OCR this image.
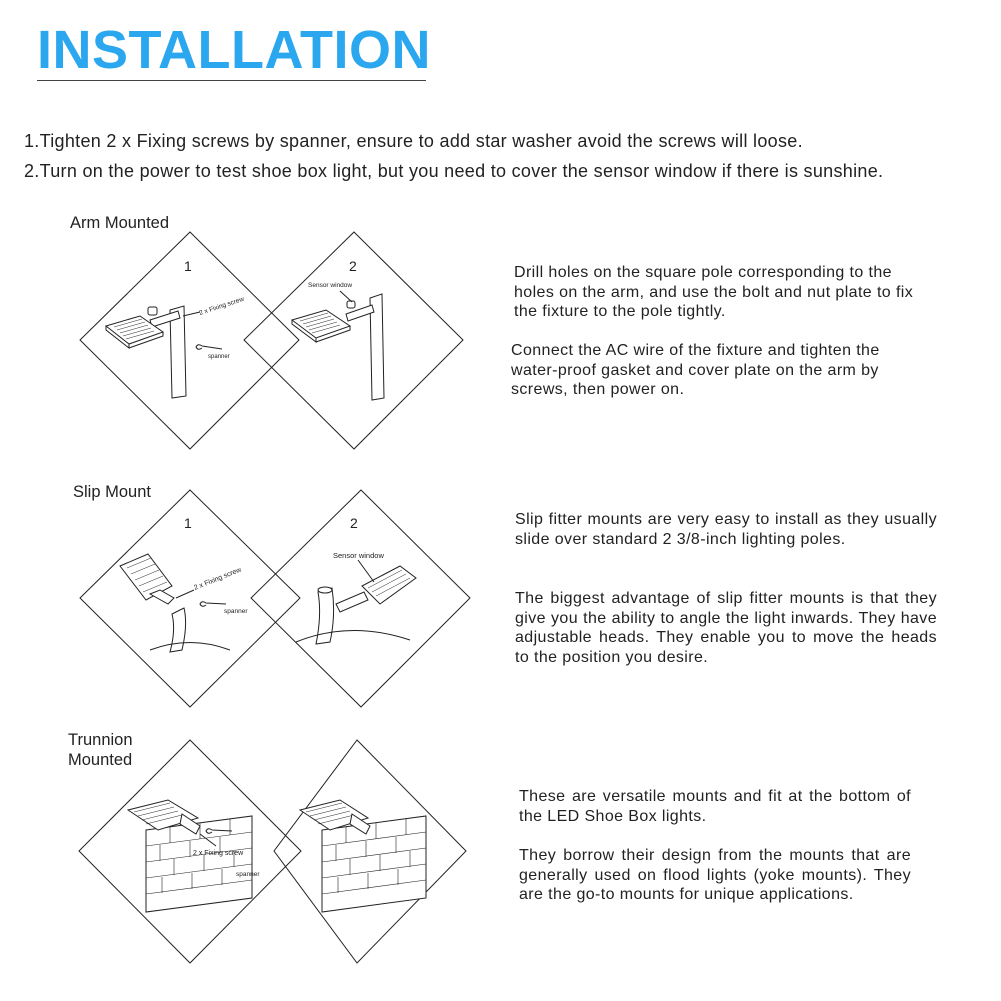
INSTALLATION
1.Tighten 2 x Fixing screws by spanner, ensure to add star washer avoid the screws will loose.
2.Turn on the power to test shoe box light, but you need to cover the sensor window if there is sunshine.
Arm Mounted
Slip Mount
Trunnion
Mounted
Drill holes on the square pole corresponding to the holes on the arm, and use the bolt and nut plate to fix the fixture to the pole tightly.
Connect the AC wire of the fixture and tighten the water-proof gasket and cover plate on the arm by screws, then power on.
Slip fitter mounts are very easy to install as they usually slide over standard 2 3/8-inch lighting poles.
The biggest advantage of slip fitter mounts is that they give you the ability to angle the light inwards. They have adjustable heads. They enable you to move the heads to the position you desire.
These are versatile mounts and fit at the bottom of the LED Shoe Box lights.
They borrow their design from the mounts that are generally used on flood lights (yoke mounts). They are the go-to mounts for unique applications.
2 x Fixing screw
spanner
1
Sensor window
2
2 x Fixing screw
spanner
1
Sensor window
2
2 x Fixing screw
spanner
